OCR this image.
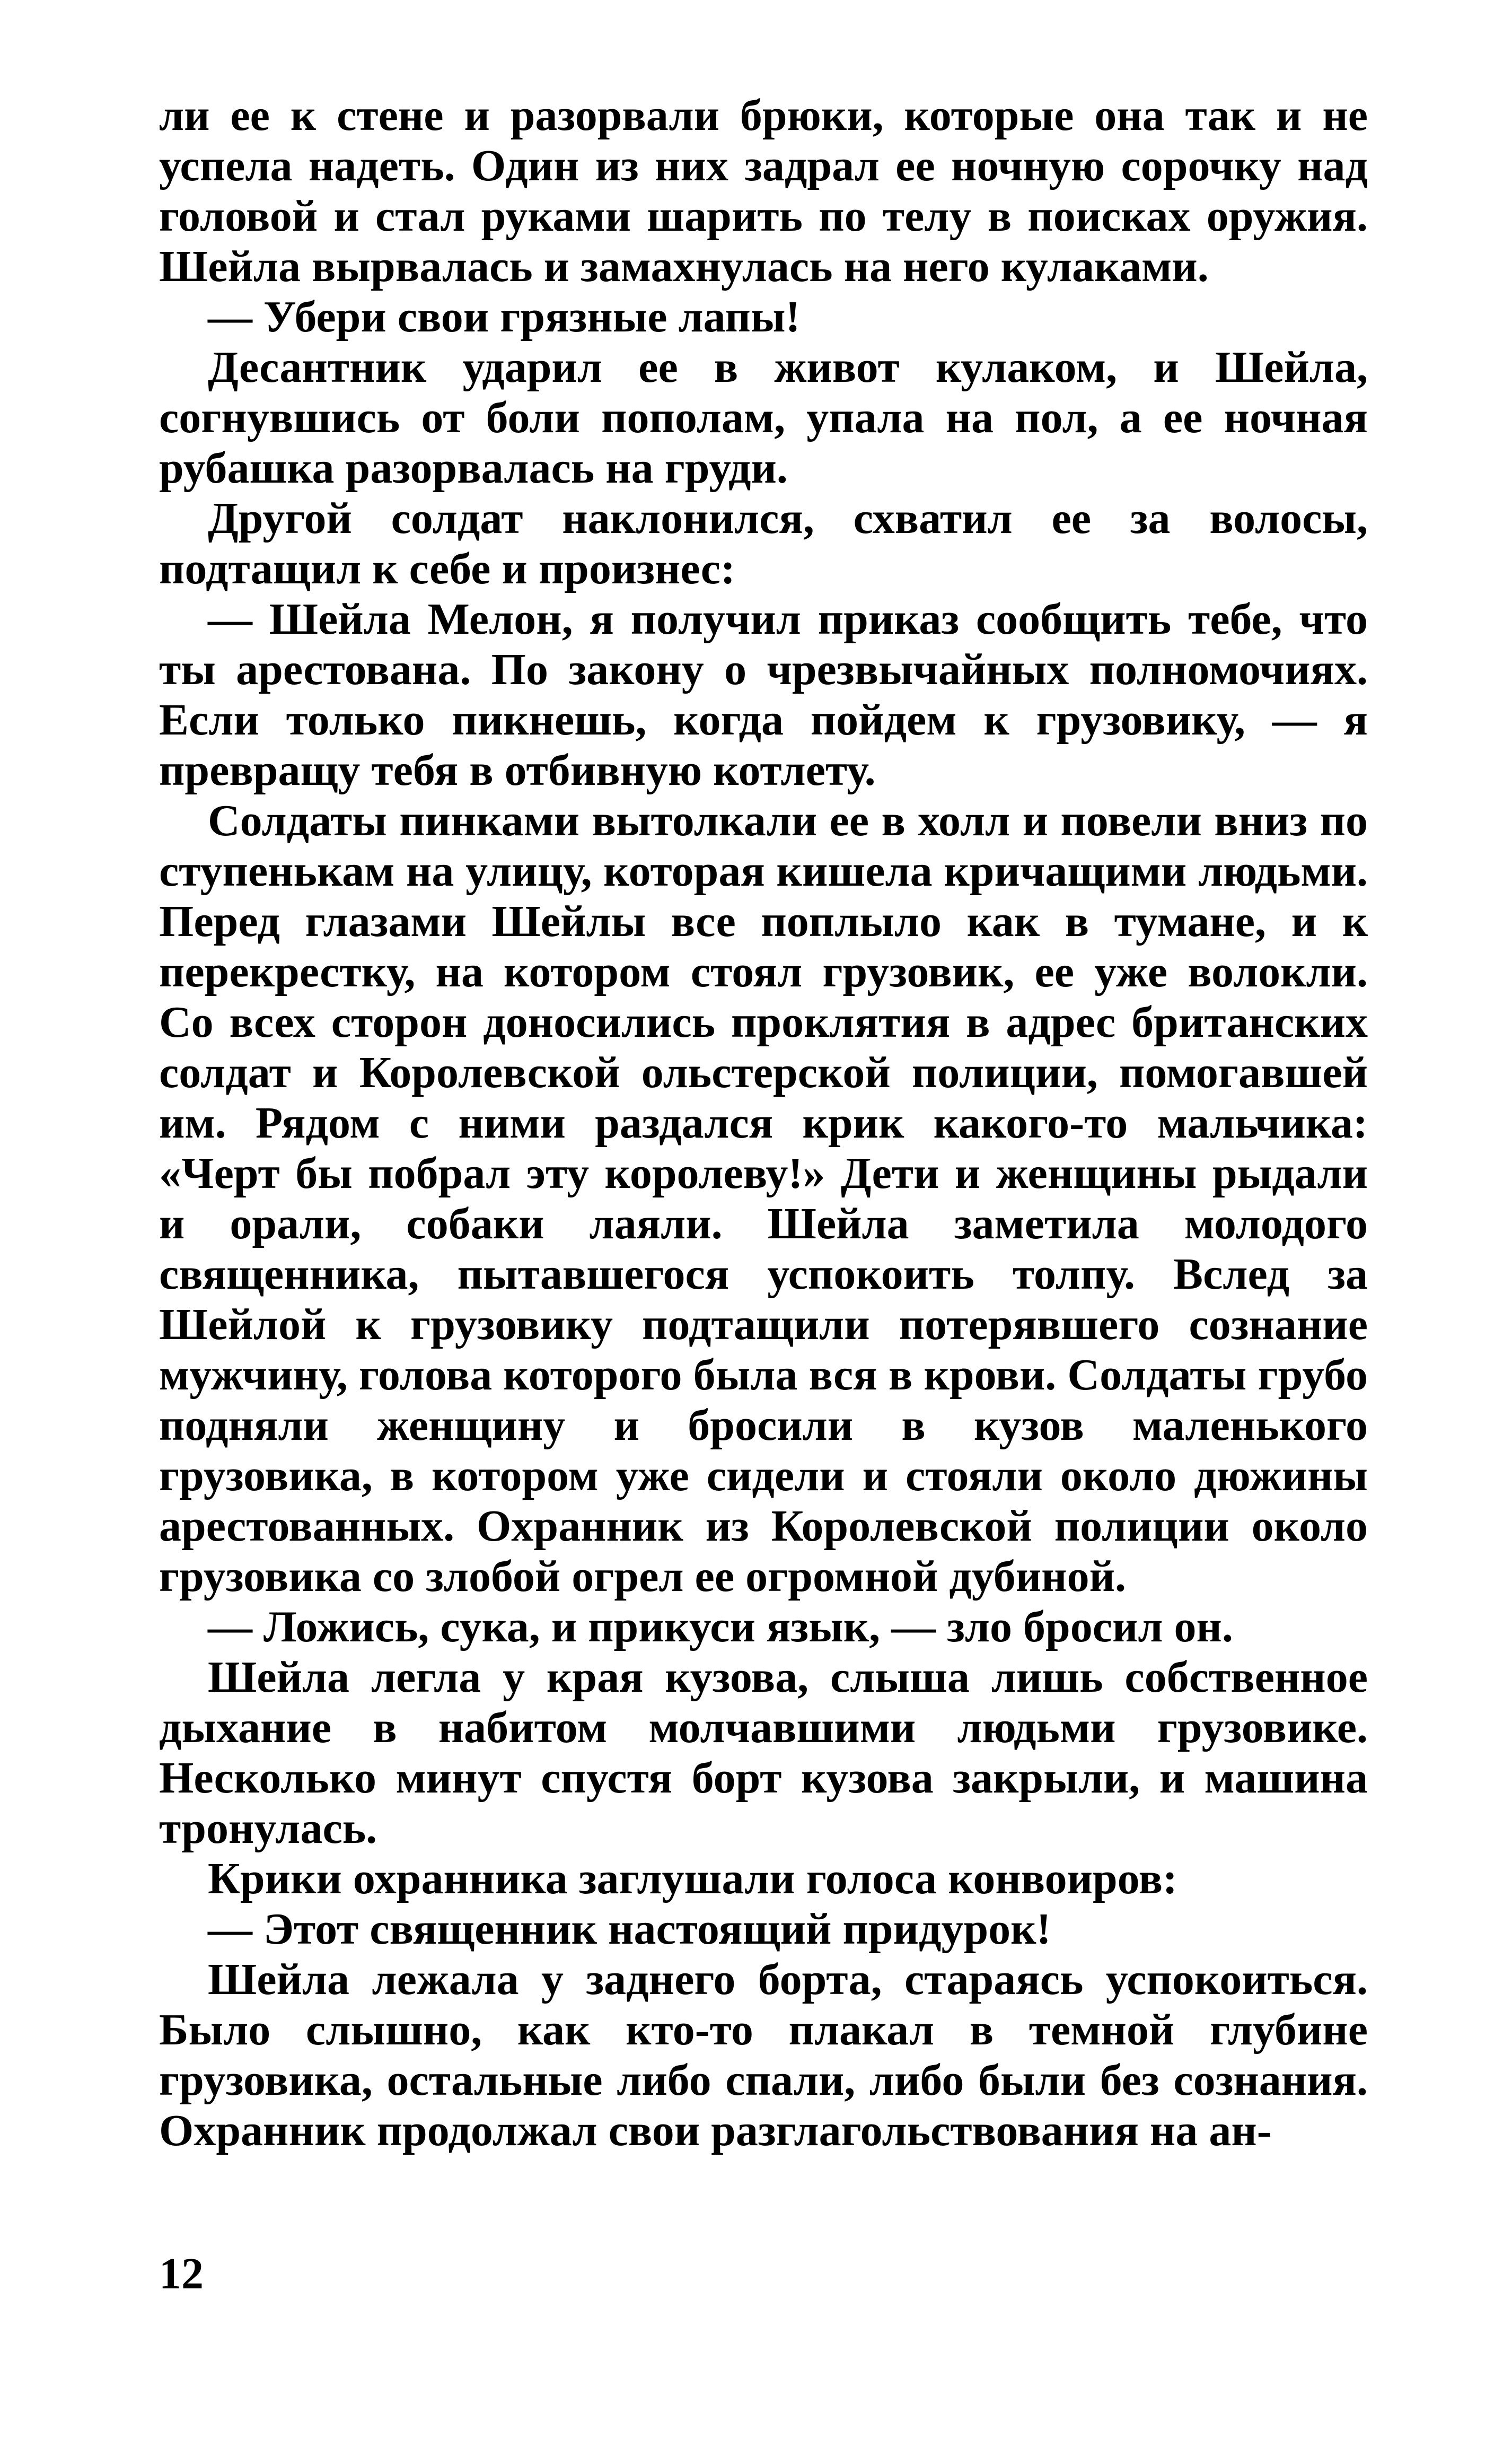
ли ее к стене и разорвали брюки, которые она так и не успела надеть. Один из них задрал ее ночную сорочку над головой и стал руками шарить по телу в поисках оружия. Шейла вырвалась и замахнулась на него кулаками.

— Убери свои грязные лапы!

Десантник ударил ее в живот кулаком, и Шейла, согнувшись от боли пополам, упала на пол, а ее ночная рубашка разорвалась на груди.

Другой солдат наклонился, схватил ее за волосы, подтащил к себе и произнес:

— Шейла Мелон, я получил приказ сообщить тебе, что ты арестована. По закону о чрезвычайных полномочиях. Если только пикнешь, когда пойдем к грузовику, — я превращу тебя в отбивную котлету.

Солдаты пинками вытолкали ее в холл и повели вниз по ступенькам на улицу, которая кишела кричащими людьми. Перед глазами Шейлы все поплыло как в тумане, и к перекрестку, на котором стоял грузовик, ее уже волокли. Со всех сторон доносились проклятия в адрес британских солдат и Королевской ольстерской полиции, помогавшей им. Рядом с ними раздался крик какого-то мальчика: «Черт бы побрал эту королеву!» Дети и женщины рыдали и орали, собаки лаяли. Шейла заметила молодого священника, пытавшегося успокоить толпу. Вслед за Шейлой к грузовику подтащили потерявшего сознание мужчину, голова которого была вся в крови. Солдаты грубо подняли женщину и бросили в кузов маленького грузовика, в котором уже сидели и стояли около дюжины арестованных. Охранник из Королевской полиции около грузовика со злобой огрел ее огромной дубиной.

— Ложись, сука, и прикуси язык, — зло бросил он.

Шейла легла у края кузова, слыша лишь собственное дыхание в набитом молчавшими людьми грузовике. Несколько минут спустя борт кузова закрыли, и машина тронулась.

Крики охранника заглушали голоса конвоиров:

— Этот священник настоящий придурок!

Шейла лежала у заднего борта, стараясь успокоиться. Было слышно, как кто-то плакал в темной глубине грузовика, остальные либо спали, либо были без сознания. Охранник продолжал свои разглагольствования на ан-

12
